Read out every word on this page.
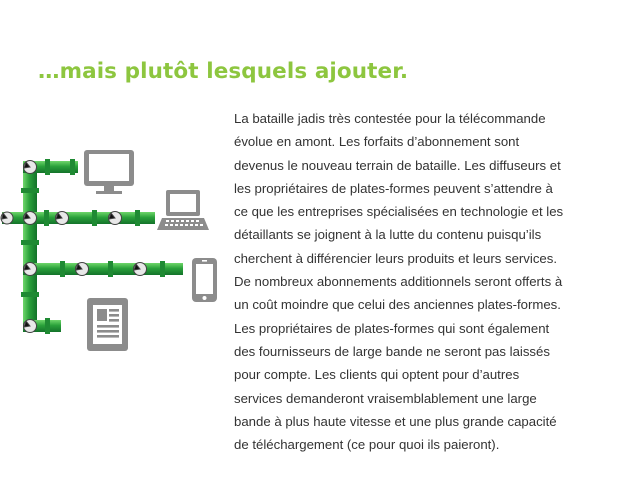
…mais plutôt lesquels ajouter.
La bataille jadis très contestée pour la télécommande
évolue en amont. Les forfaits d’abonnement sont
devenus le nouveau terrain de bataille. Les diffuseurs et
les propriétaires de plates-formes peuvent s’attendre à
ce que les entreprises spécialisées en technologie et les
détaillants se joignent à la lutte du contenu puisqu’ils
cherchent à différencier leurs produits et leurs services.
De nombreux abonnements additionnels seront offerts à
un coût moindre que celui des anciennes plates-formes.
Les propriétaires de plates-formes qui sont également
des fournisseurs de large bande ne seront pas laissés
pour compte. Les clients qui optent pour d’autres
services demanderont vraisemblablement une large
bande à plus haute vitesse et une plus grande capacité
de téléchargement (ce pour quoi ils paieront).
